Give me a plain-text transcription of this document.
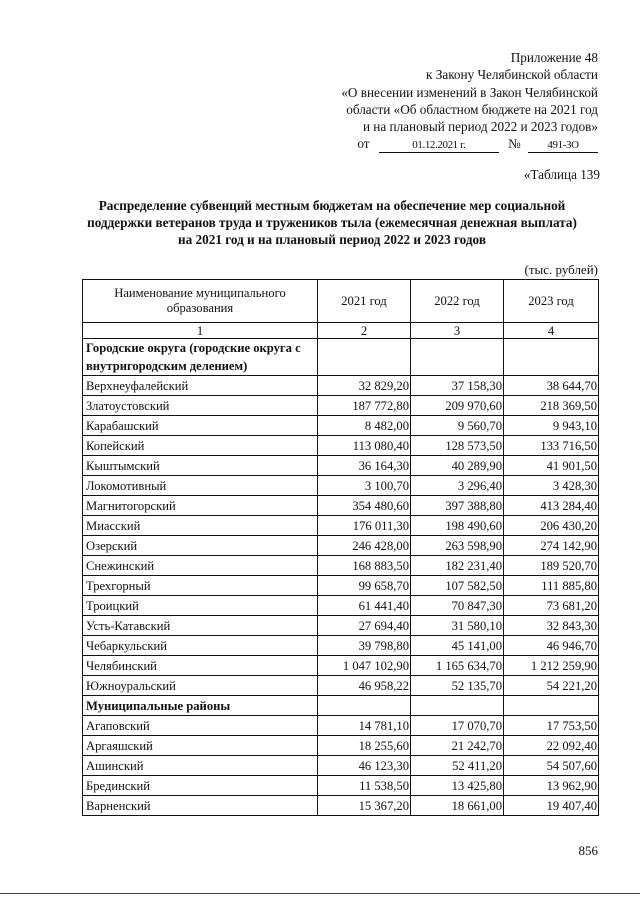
Приложение 48
к Закону Челябинской области
«О внесении изменений в Закон Челябинской
области «Об областном бюджете на 2021 год
и на плановый период 2022 и 2023 годов»
от	01.12.2021 г.	№ 491-ЗО
«Таблица 139
Распределение субвенций местным бюджетам на обеспечение мер социальной поддержки ветеранов труда и тружеников тыла (ежемесячная денежная выплата) на 2021 год и на плановый период 2022 и 2023 годов
(тыс. рублей)
Наименование муниципального образования	2021 год	2022 год	2023 год
1	2	3	4
Городские округа (городские округа с внутригородским делением)			
Верхнеуфалейский	32 829,20	37 158,30	38 644,70
Златоустовский	187 772,80	209 970,60	218 369,50
Карабашский	8 482,00	9 560,70	9 943,10
Копейский	113 080,40	128 573,50	133 716,50
Кыштымский	36 164,30	40 289,90	41 901,50
Локомотивный	3 100,70	3 296,40	3 428,30
Магнитогорский	354 480,60	397 388,80	413 284,40
Миасский	176 011,30	198 490,60	206 430,20
Озерский	246 428,00	263 598,90	274 142,90
Снежинский	168 883,50	182 231,40	189 520,70
Трехгорный	99 658,70	107 582,50	111 885,80
Троицкий	61 441,40	70 847,30	73 681,20
Усть-Катавский	27 694,40	31 580,10	32 843,30
Чебаркульский	39 798,80	45 141,00	46 946,70
Челябинский	1 047 102,90	1 165 634,70	1 212 259,90
Южноуральский	46 958,22	52 135,70	54 221,20
Муниципальные районы			
Агаповский	14 781,10	17 070,70	17 753,50
Аргаяшский	18 255,60	21 242,70	22 092,40
Ашинский	46 123,30	52 411,20	54 507,60
Брединский	11 538,50	13 425,80	13 962,90
Варненский	15 367,20	18 661,00	19 407,40
856
